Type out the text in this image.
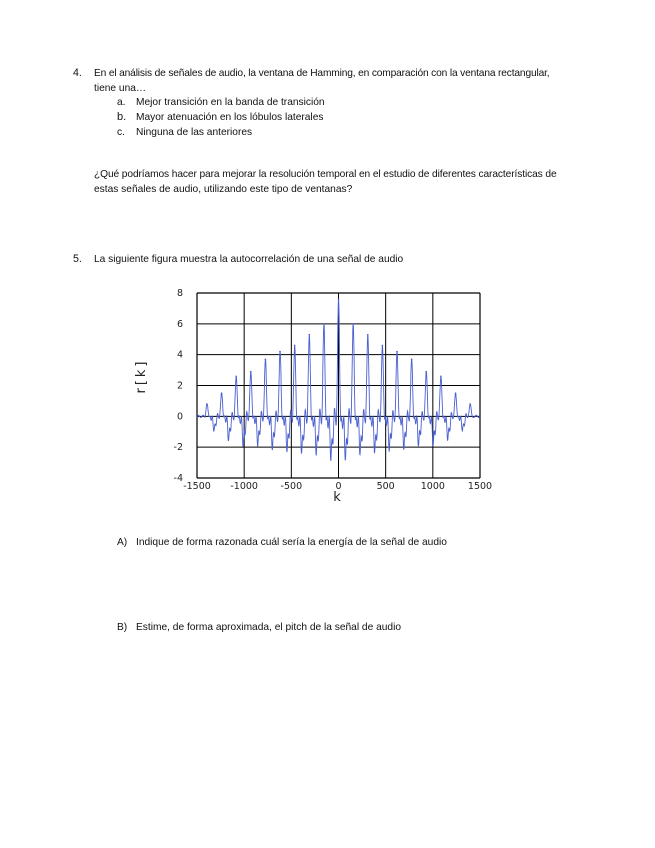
4. En el análisis de señales de audio, la ventana de Hamming, en comparación con la ventana rectangular,
tiene una…
a. Mejor transición en la banda de transición
b. Mayor atenuación en los lóbulos laterales
c. Ninguna de las anteriores
¿Qué podríamos hacer para mejorar la resolución temporal en el estudio de diferentes características de
estas señales de audio, utilizando este tipo de ventanas?
5. La siguiente figura muestra la autocorrelación de una señal de audio
-1500 -1000 -500	0	500	1000 1500
8
6
4
2
0
-2
-4
k
r[k]
A) Indique de forma razonada cuál sería la energía de la señal de audio
B) Estime, de forma aproximada, el pitch de la señal de audio
